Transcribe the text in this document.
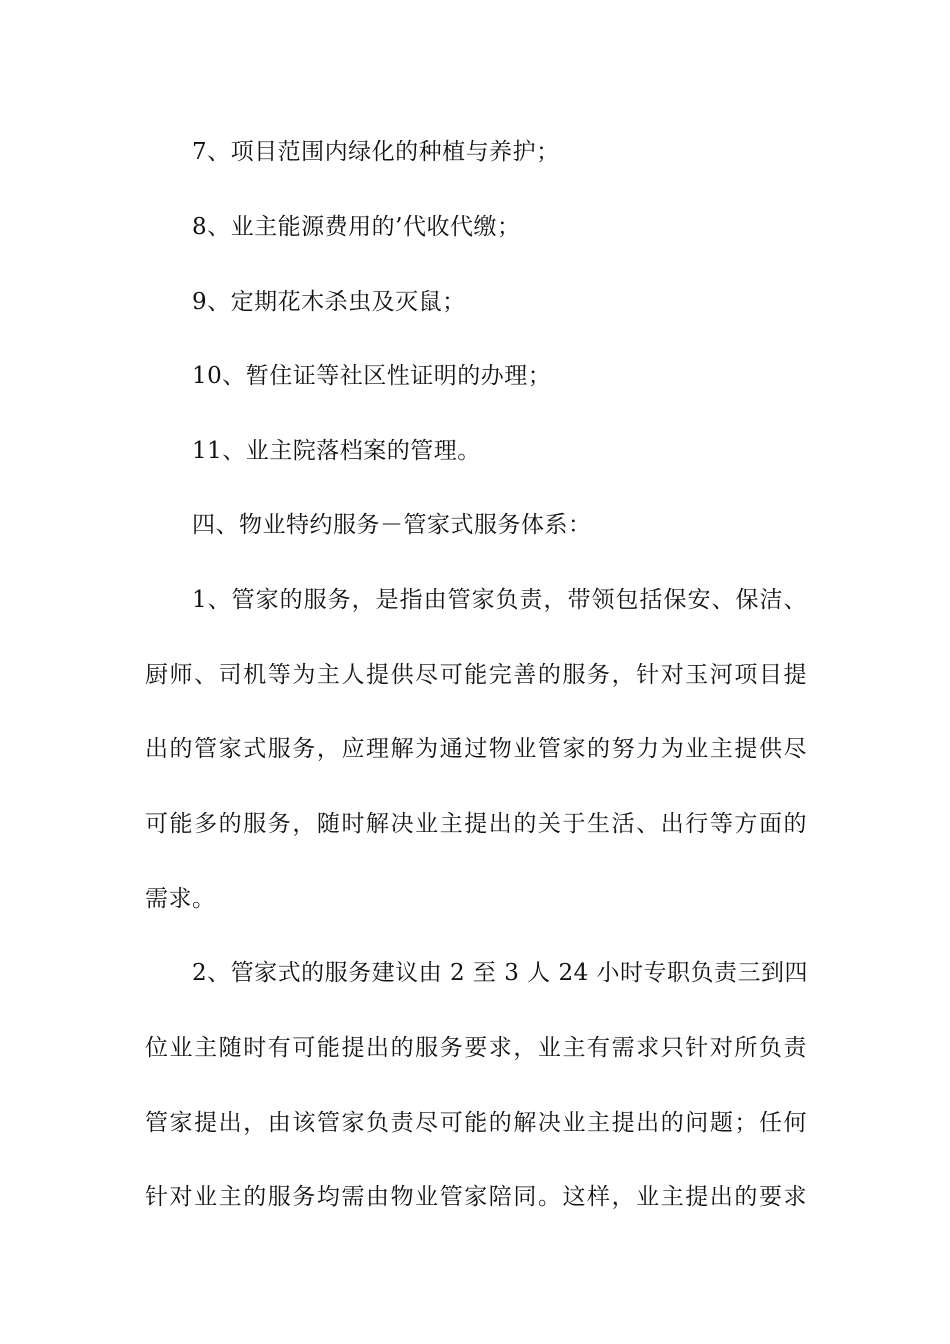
7、项目范围内绿化的种植与养护；

8、业主能源费用的’代收代缴；

9、定期花木杀虫及灭鼠；

10、暂住证等社区性证明的办理；

11、业主院落档案的管理。

四、物业特约服务－管家式服务体系：

1、管家的服务，是指由管家负责，带领包括保安、保洁、

厨师、司机等为主人提供尽可能完善的服务，针对玉河项目提

出的管家式服务，应理解为通过物业管家的努力为业主提供尽

可能多的服务，随时解决业主提出的关于生活、出行等方面的

需求。

2、管家式的服务建议由 2 至 3 人 24 小时专职负责三到四

位业主随时有可能提出的服务要求，业主有需求只针对所负责

管家提出，由该管家负责尽可能的解决业主提出的问题；任何

针对业主的服务均需由物业管家陪同。这样，业主提出的要求
